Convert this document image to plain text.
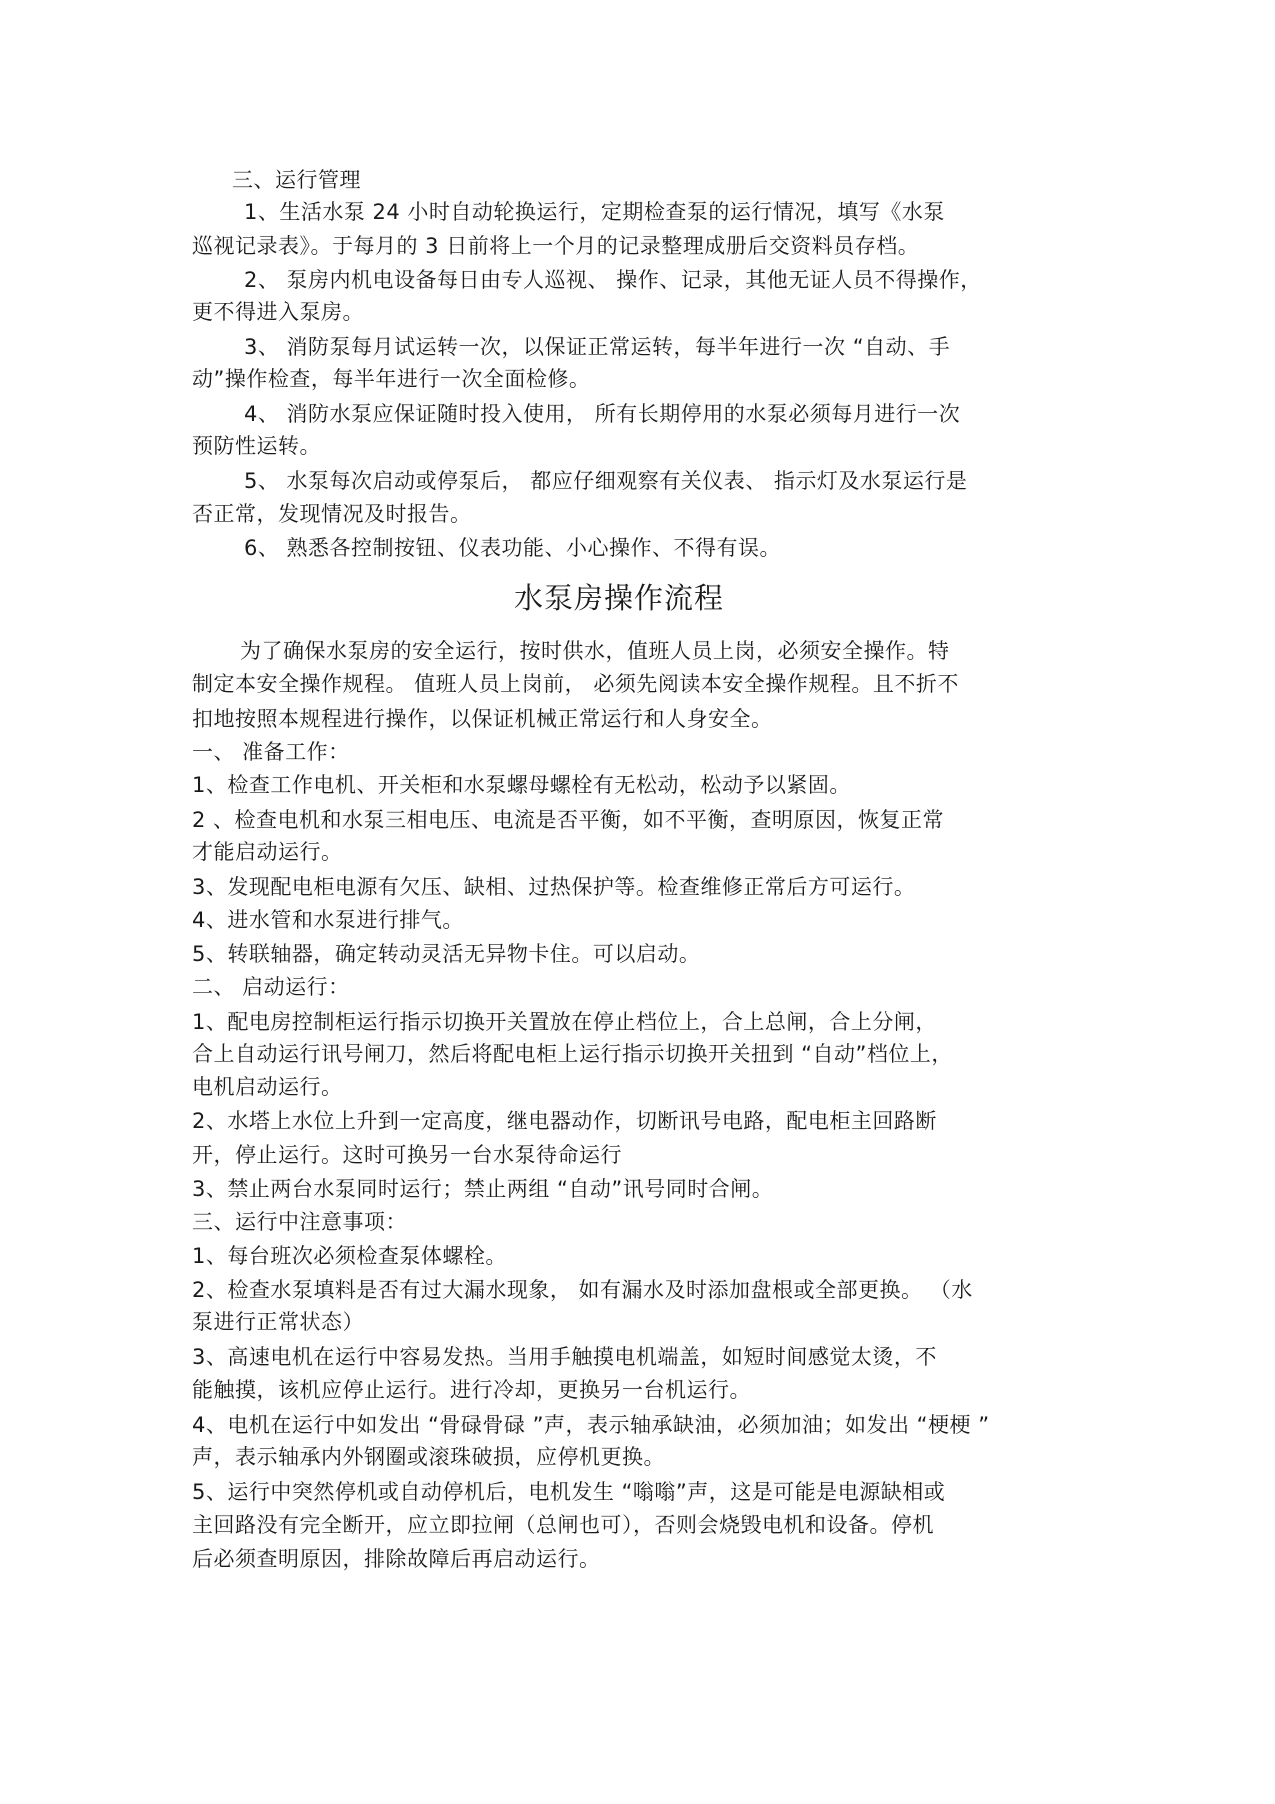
三、运行管理
1、生活水泵 24 小时自动轮换运行，定期检查泵的运行情况，填写《水泵
巡视记录表》。于每月的 3 日前将上一个月的记录整理成册后交资料员存档。
2、 泵房内机电设备每日由专人巡视、 操作、记录，其他无证人员不得操作，
更不得进入泵房。
3、 消防泵每月试运转一次，以保证正常运转，每半年进行一次 “自动、手
动”操作检查，每半年进行一次全面检修。
4、 消防水泵应保证随时投入使用， 所有长期停用的水泵必须每月进行一次
预防性运转。
5、 水泵每次启动或停泵后， 都应仔细观察有关仪表、 指示灯及水泵运行是
否正常，发现情况及时报告。
6、 熟悉各控制按钮、仪表功能、小心操作、不得有误。
水泵房操作流程
为了确保水泵房的安全运行，按时供水，值班人员上岗，必须安全操作。特
制定本安全操作规程。 值班人员上岗前， 必须先阅读本安全操作规程。且不折不
扣地按照本规程进行操作，以保证机械正常运行和人身安全。
一、 准备工作：
1、检查工作电机、开关柜和水泵螺母螺栓有无松动，松动予以紧固。
2 、检查电机和水泵三相电压、电流是否平衡，如不平衡，查明原因，恢复正常
才能启动运行。
3、发现配电柜电源有欠压、缺相、过热保护等。检查维修正常后方可运行。
4、进水管和水泵进行排气。
5、转联轴器，确定转动灵活无异物卡住。可以启动。
二、 启动运行：
1、配电房控制柜运行指示切换开关置放在停止档位上，合上总闸，合上分闸，
合上自动运行讯号闸刀，然后将配电柜上运行指示切换开关扭到 “自动”档位上，
电机启动运行。
2、水塔上水位上升到一定高度，继电器动作，切断讯号电路，配电柜主回路断
开，停止运行。这时可换另一台水泵待命运行
3、禁止两台水泵同时运行；禁止两组 “自动”讯号同时合闸。
三、运行中注意事项：
1、每台班次必须检查泵体螺栓。
2、检查水泵填料是否有过大漏水现象， 如有漏水及时添加盘根或全部更换。 （水
泵进行正常状态）
3、高速电机在运行中容易发热。当用手触摸电机端盖，如短时间感觉太烫，不
能触摸，该机应停止运行。进行冷却，更换另一台机运行。
4、电机在运行中如发出 “骨碌骨碌 ”声，表示轴承缺油，必须加油；如发出 “梗梗 ”
声，表示轴承内外钢圈或滚珠破损，应停机更换。
5、运行中突然停机或自动停机后，电机发生 “嗡嗡”声，这是可能是电源缺相或
主回路没有完全断开，应立即拉闸（总闸也可），否则会烧毁电机和设备。停机
后必须查明原因，排除故障后再启动运行。
